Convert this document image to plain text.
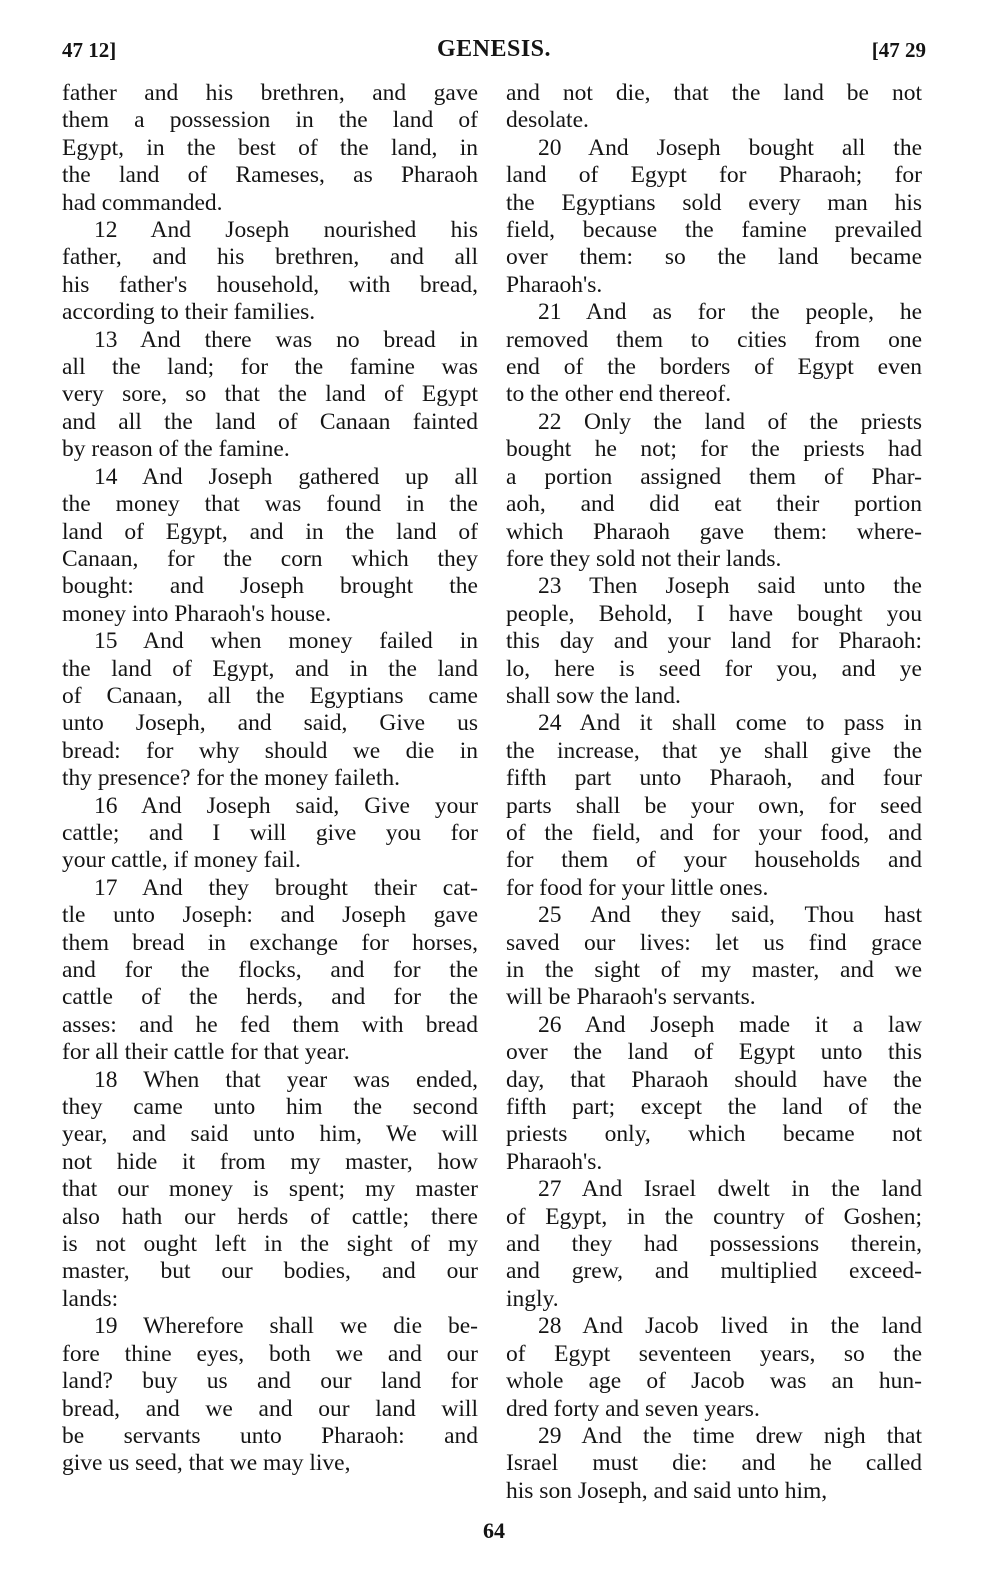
47 12]	GENESIS.	[47 29

father and his brethren, and gave
them a possession in the land of
Egypt, in the best of the land, in
the land of Rameses, as Pharaoh
had commanded.

12 And Joseph nourished his
father, and his brethren, and all
his father's household, with bread,
according to their families.

13 And there was no bread in
all the land; for the famine was
very sore, so that the land of Egypt
and all the land of Canaan fainted
by reason of the famine.

14 And Joseph gathered up all
the money that was found in the
land of Egypt, and in the land of
Canaan, for the corn which they
bought: and Joseph brought the
money into Pharaoh's house.

15 And when money failed in
the land of Egypt, and in the land
of Canaan, all the Egyptians came
unto Joseph, and said, Give us
bread: for why should we die in
thy presence? for the money faileth.

16 And Joseph said, Give your
cattle; and I will give you for
your cattle, if money fail.

17 And they brought their cat-
tle unto Joseph: and Joseph gave
them bread in exchange for horses,
and for the flocks, and for the
cattle of the herds, and for the
asses: and he fed them with bread
for all their cattle for that year.

18 When that year was ended,
they came unto him the second
year, and said unto him, We will
not hide it from my master, how
that our money is spent; my master
also hath our herds of cattle; there
is not ought left in the sight of my
master, but our bodies, and our
lands:

19 Wherefore shall we die be-
fore thine eyes, both we and our
land? buy us and our land for
bread, and we and our land will
be servants unto Pharaoh: and
give us seed, that we may live,

and not die, that the land be not
desolate.

20 And Joseph bought all the
land of Egypt for Pharaoh; for
the Egyptians sold every man his
field, because the famine prevailed
over them: so the land became
Pharaoh's.

21 And as for the people, he
removed them to cities from one
end of the borders of Egypt even
to the other end thereof.

22 Only the land of the priests
bought he not; for the priests had
a portion assigned them of Phar-
aoh, and did eat their portion
which Pharaoh gave them: where-
fore they sold not their lands.

23 Then Joseph said unto the
people, Behold, I have bought you
this day and your land for Pharaoh:
lo, here is seed for you, and ye
shall sow the land.

24 And it shall come to pass in
the increase, that ye shall give the
fifth part unto Pharaoh, and four
parts shall be your own, for seed
of the field, and for your food, and
for them of your households and
for food for your little ones.

25 And they said, Thou hast
saved our lives: let us find grace
in the sight of my master, and we
will be Pharaoh's servants.

26 And Joseph made it a law
over the land of Egypt unto this
day, that Pharaoh should have the
fifth part; except the land of the
priests only, which became not
Pharaoh's.

27 And Israel dwelt in the land
of Egypt, in the country of Goshen;
and they had possessions therein,
and grew, and multiplied exceed-
ingly.

28 And Jacob lived in the land
of Egypt seventeen years, so the
whole age of Jacob was an hun-
dred forty and seven years.

29 And the time drew nigh that
Israel must die: and he called
his son Joseph, and said unto him,

64
